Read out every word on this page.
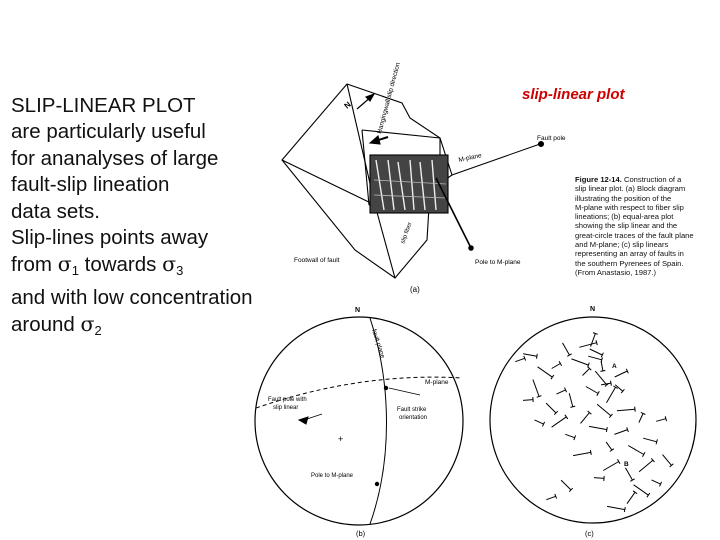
SLIP-LINEAR PLOT
are particularly useful
for ananalyses of large
fault-slip lineation
data sets.
Slip-lines points away
from $\sigma_1$ towards $\sigma_3$
and with low concentration
around $\sigma_2$
slip-linear plot
Figure 12-14. Construction of a
slip linear plot. (a) Block diagram
illustrating the position of the
M-plane with respect to fiber slip
lineations; (b) equal-area plot
showing the slip linear and the
great-circle traces of the fault plane
and M-plane; (c) slip linears
representing an array of faults in
the southern Pyrenees of Spain.
(From Anastasio, 1987.)
N	Hangingwall slip direction
Fault pole
M-plane
slip fiber
Footwall of fault	Pole to M-plane
(a)
+
N
fault plane
M-plane
Fault pole with
slip linear	Fault strike
orientation
Pole to M-plane
(b)
N
A
B
(c)
